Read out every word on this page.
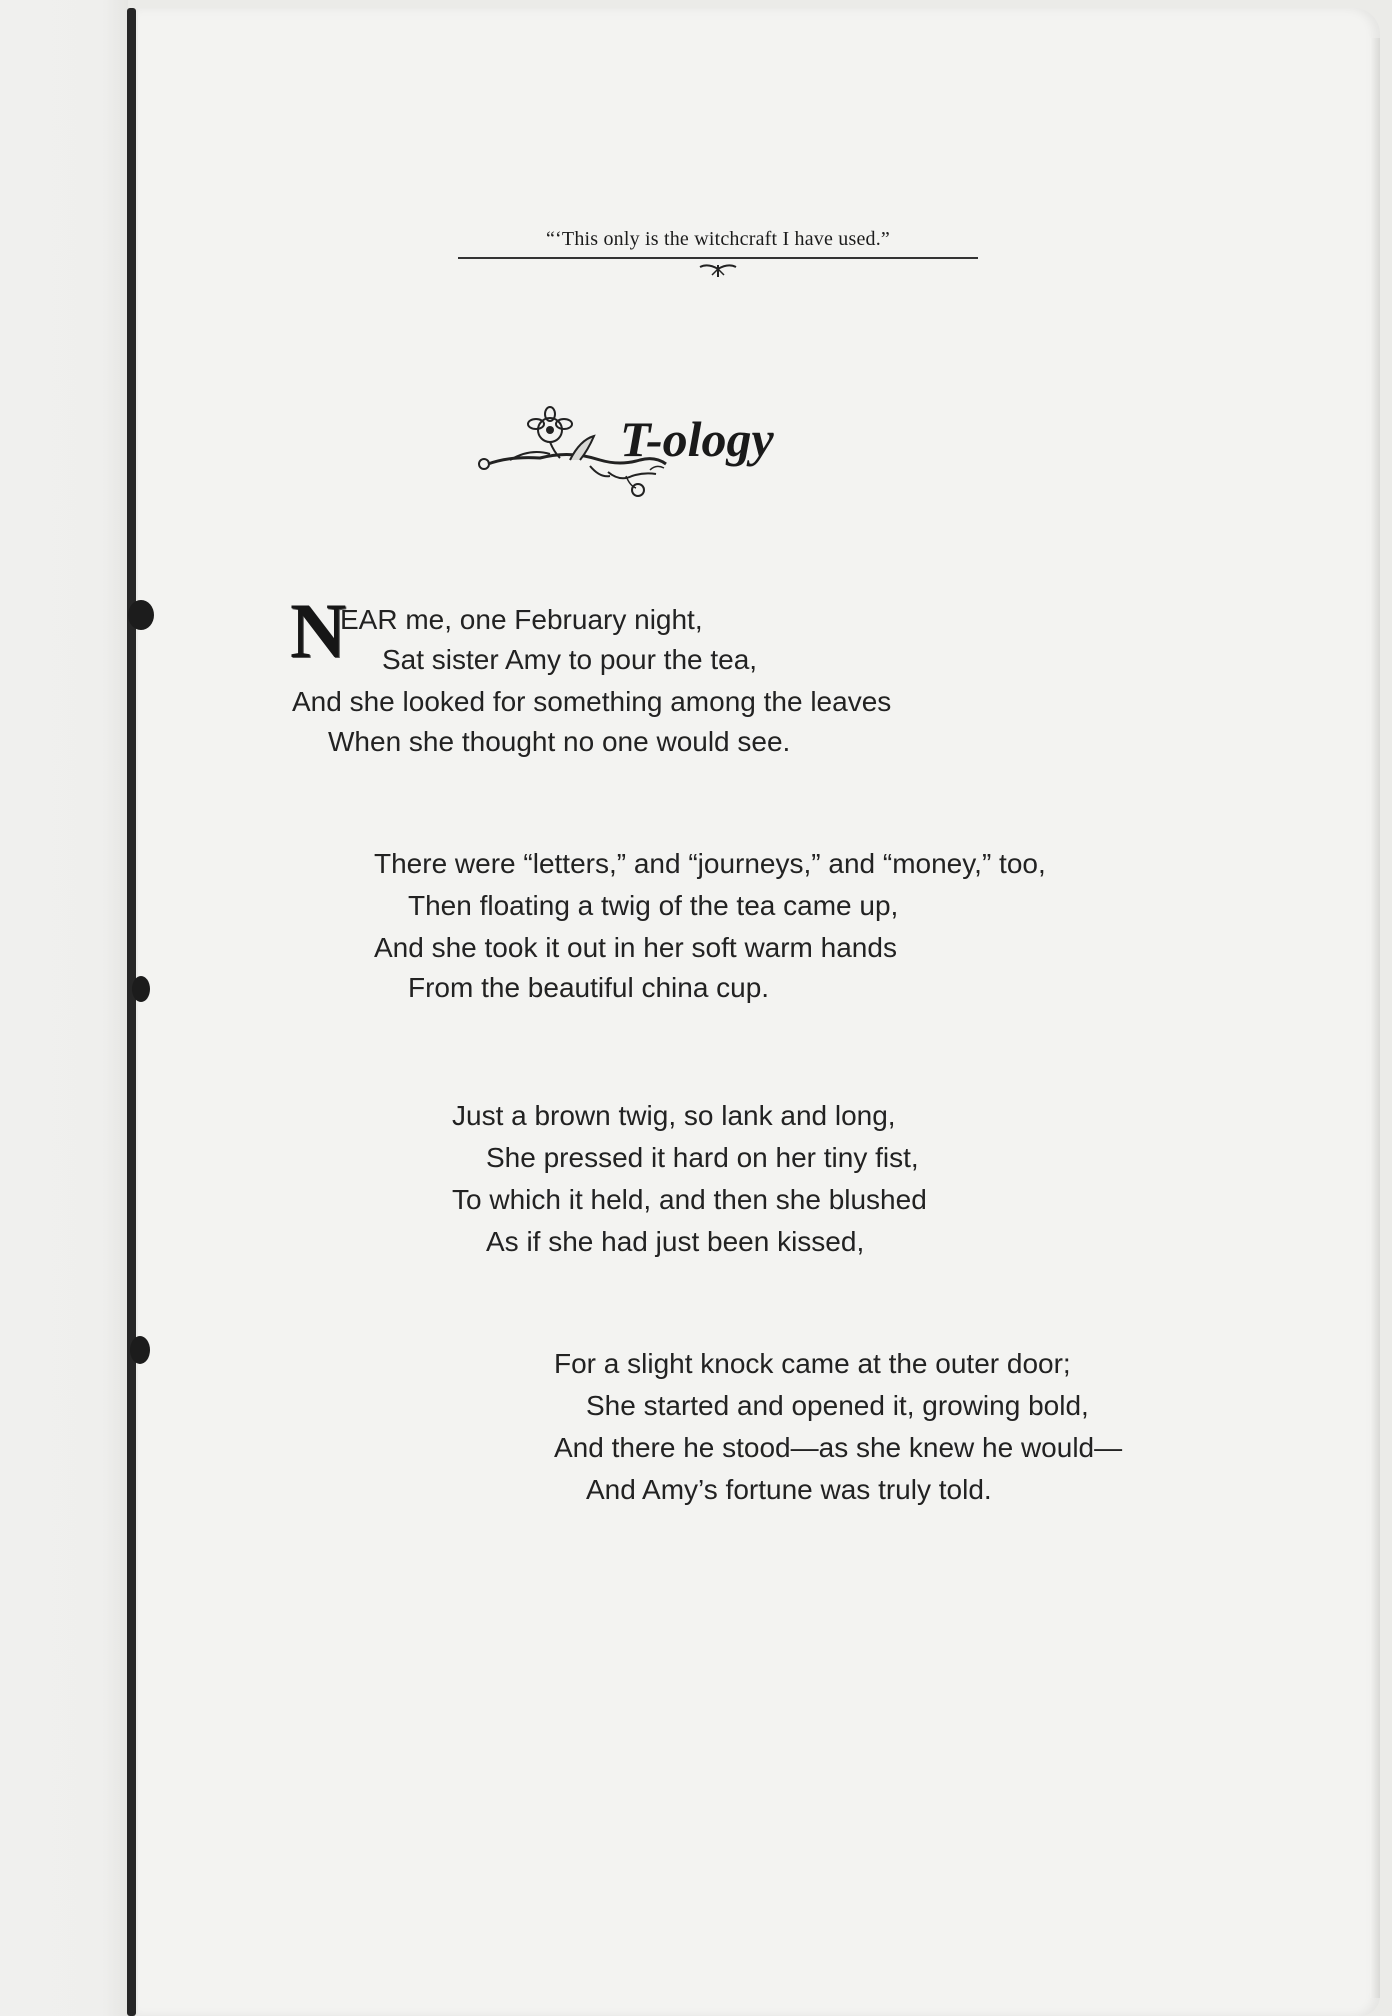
“‘This only is the witchcraft I have used.”
T-ology
N
EAR me, one February night,
Sat sister Amy to pour the tea,
And she looked for something among the leaves
When she thought no one would see.
There were “letters,” and “journeys,” and “money,” too,
Then floating a twig of the tea came up,
And she took it out in her soft warm hands
From the beautiful china cup.
Just a brown twig, so lank and long,
She pressed it hard on her tiny fist,
To which it held, and then she blushed
As if she had just been kissed,
For a slight knock came at the outer door;
She started and opened it, growing bold,
And there he stood—as she knew he would—
And Amy’s fortune was truly told.
